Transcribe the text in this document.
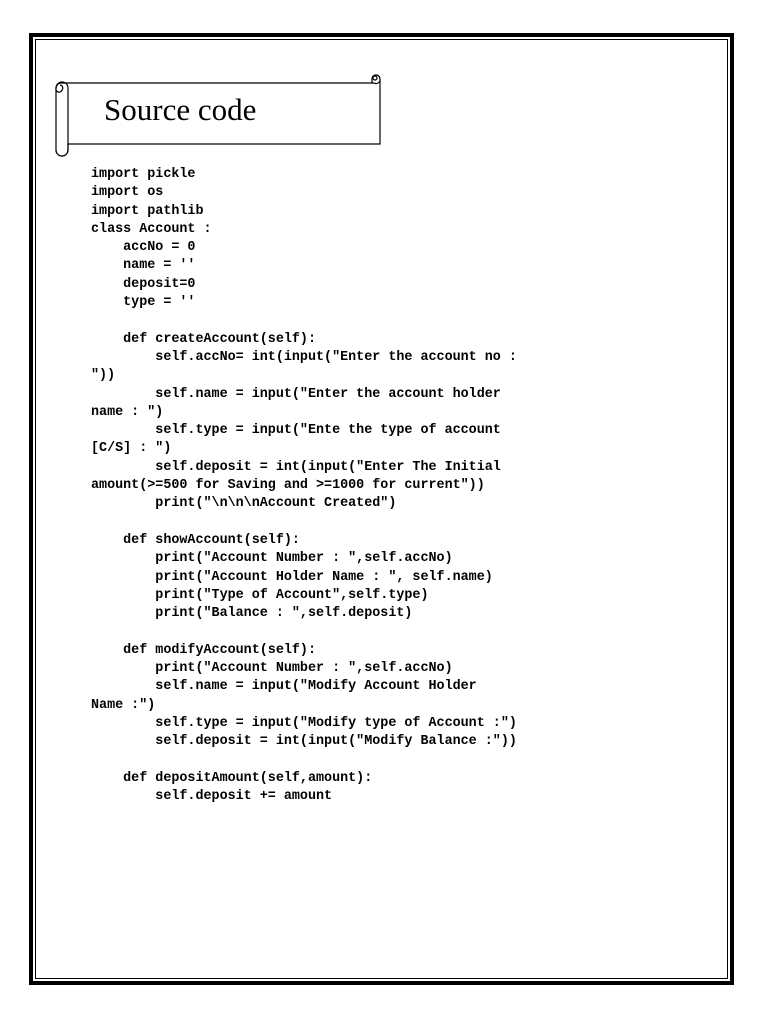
Source code
import pickle
import os
import pathlib
class Account :
accNo = 0
name = ''
deposit=0
type = ''
def createAccount(self):
self.accNo= int(input("Enter the account no :
"))
self.name = input("Enter the account holder
name : ")
self.type = input("Ente the type of account
[C/S] : ")
self.deposit = int(input("Enter The Initial
amount(>=500 for Saving and >=1000 for current"))
print("\n\n\nAccount Created")
def showAccount(self):
print("Account Number : ",self.accNo)
print("Account Holder Name : ", self.name)
print("Type of Account",self.type)
print("Balance : ",self.deposit)
def modifyAccount(self):
print("Account Number : ",self.accNo)
self.name = input("Modify Account Holder
Name :")
self.type = input("Modify type of Account :")
self.deposit = int(input("Modify Balance :"))
def depositAmount(self,amount):
self.deposit += amount
